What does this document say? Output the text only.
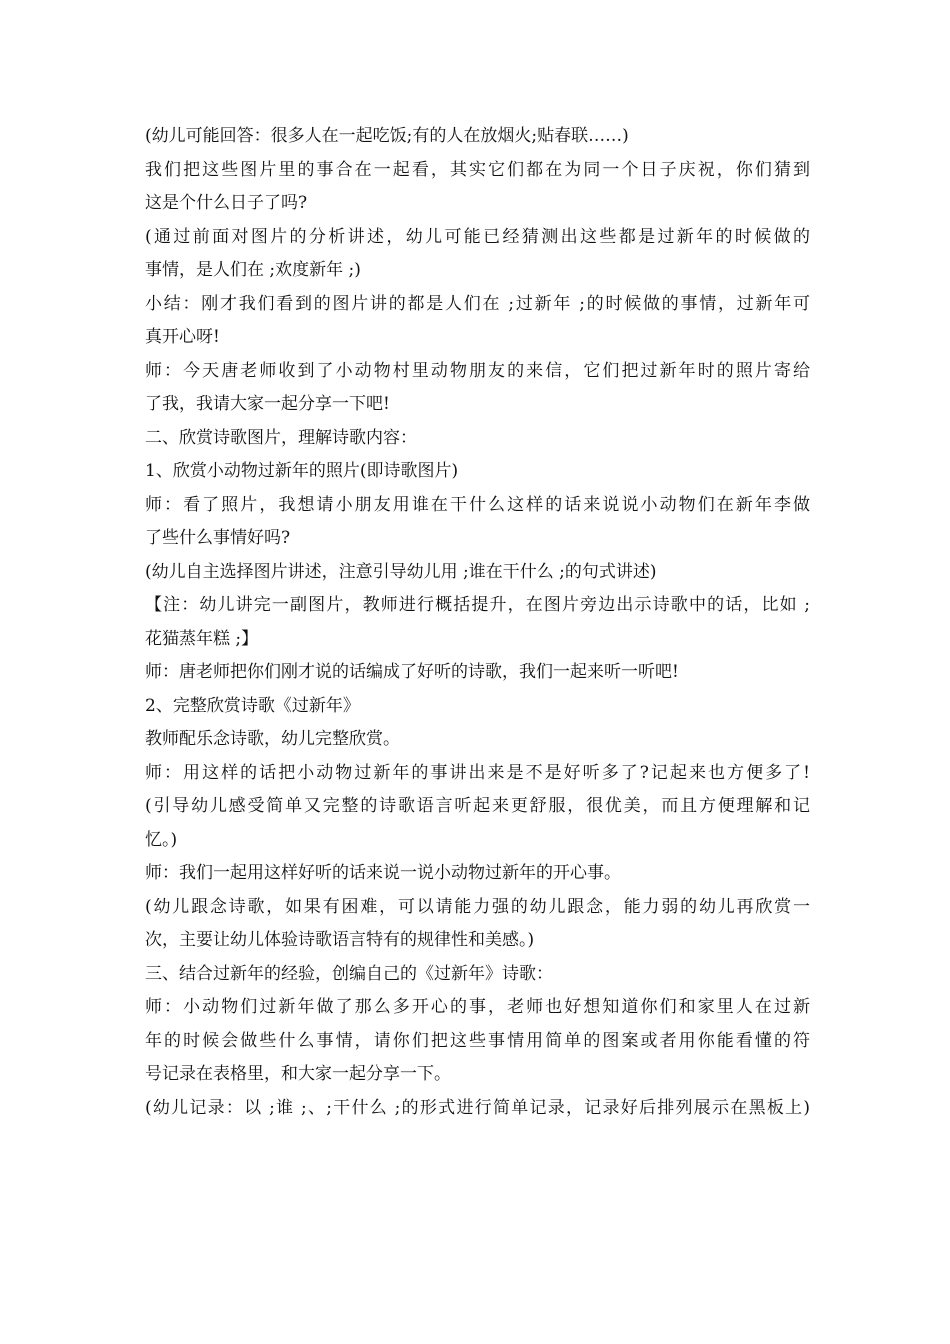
(幼儿可能回答：很多人在一起吃饭;有的人在放烟火;贴春联……)
我们把这些图片里的事合在一起看，其实它们都在为同一个日子庆祝，你们猜到
这是个什么日子了吗?
(通过前面对图片的分析讲述，幼儿可能已经猜测出这些都是过新年的时候做的
事情，是人们在 ;欢度新年 ;)
小结：刚才我们看到的图片讲的都是人们在 ;过新年 ;的时候做的事情，过新年可
真开心呀!
师：今天唐老师收到了小动物村里动物朋友的来信，它们把过新年时的照片寄给
了我，我请大家一起分享一下吧!
二、欣赏诗歌图片，理解诗歌内容：
1、欣赏小动物过新年的照片(即诗歌图片)
师：看了照片，我想请小朋友用谁在干什么这样的话来说说小动物们在新年李做
了些什么事情好吗?
(幼儿自主选择图片讲述，注意引导幼儿用 ;谁在干什么 ;的句式讲述)
【注：幼儿讲完一副图片，教师进行概括提升，在图片旁边出示诗歌中的话，比如 ;
花猫蒸年糕 ;】
师：唐老师把你们刚才说的话编成了好听的诗歌，我们一起来听一听吧!
2、完整欣赏诗歌《过新年》
教师配乐念诗歌，幼儿完整欣赏。
师：用这样的话把小动物过新年的事讲出来是不是好听多了?记起来也方便多了!
(引导幼儿感受简单又完整的诗歌语言听起来更舒服，很优美，而且方便理解和记
忆。)
师：我们一起用这样好听的话来说一说小动物过新年的开心事。
(幼儿跟念诗歌，如果有困难，可以请能力强的幼儿跟念，能力弱的幼儿再欣赏一
次，主要让幼儿体验诗歌语言特有的规律性和美感。)
三、结合过新年的经验，创编自己的《过新年》诗歌：
师：小动物们过新年做了那么多开心的事，老师也好想知道你们和家里人在过新
年的时候会做些什么事情，请你们把这些事情用简单的图案或者用你能看懂的符
号记录在表格里，和大家一起分享一下。
(幼儿记录：以 ;谁 ;、;干什么 ;的形式进行简单记录，记录好后排列展示在黑板上)
